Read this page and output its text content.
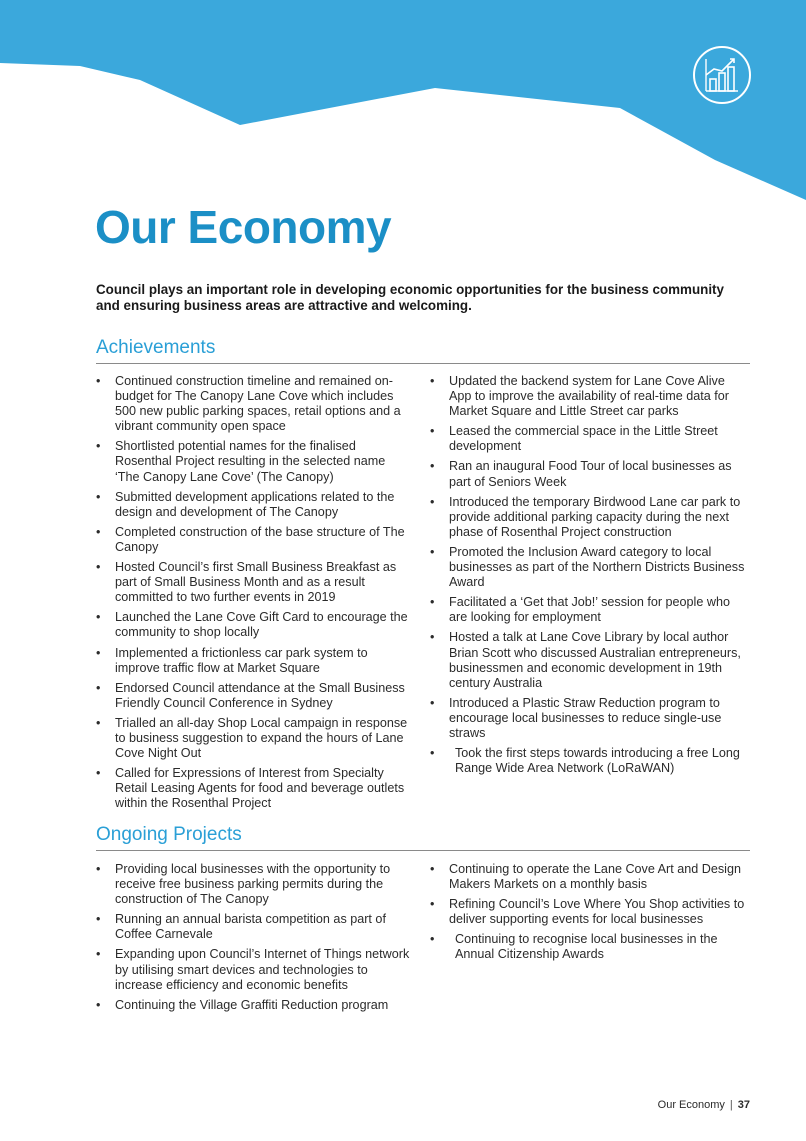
Our Economy

Council plays an important role in developing economic opportunities for the business community and ensuring business areas are attractive and welcoming.

Achievements
• Continued construction timeline and remained on-budget for The Canopy Lane Cove which includes 500 new public parking spaces, retail options and a vibrant community open space
• Shortlisted potential names for the finalised Rosenthal Project resulting in the selected name ‘The Canopy Lane Cove’ (The Canopy)
• Submitted development applications related to the design and development of The Canopy
• Completed construction of the base structure of The Canopy
• Hosted Council’s first Small Business Breakfast as part of Small Business Month and as a result committed to two further events in 2019
• Launched the Lane Cove Gift Card to encourage the community to shop locally
• Implemented a frictionless car park system to improve traffic flow at Market Square
• Endorsed Council attendance at the Small Business Friendly Council Conference in Sydney
• Trialled an all-day Shop Local campaign in response to business suggestion to expand the hours of Lane Cove Night Out
• Called for Expressions of Interest from Specialty Retail Leasing Agents for food and beverage outlets within the Rosenthal Project
• Updated the backend system for Lane Cove Alive App to improve the availability of real-time data for Market Square and Little Street car parks
• Leased the commercial space in the Little Street development
• Ran an inaugural Food Tour of local businesses as part of Seniors Week
• Introduced the temporary Birdwood Lane car park to provide additional parking capacity during the next phase of Rosenthal Project construction
• Promoted the Inclusion Award category to local businesses as part of the Northern Districts Business Award
• Facilitated a ‘Get that Job!’ session for people who are looking for employment
• Hosted a talk at Lane Cove Library by local author Brian Scott who discussed Australian entrepreneurs, businessmen and economic development in 19th century Australia
• Introduced a Plastic Straw Reduction program to encourage local businesses to reduce single-use straws
• Took the first steps towards introducing a free Long Range Wide Area Network (LoRaWAN)
Ongoing Projects
• Providing local businesses with the opportunity to receive free business parking permits during the construction of The Canopy
• Running an annual barista competition as part of Coffee Carnevale
• Expanding upon Council’s Internet of Things network by utilising smart devices and technologies to increase efficiency and economic benefits
• Continuing the Village Graffiti Reduction program
• Continuing to operate the Lane Cove Art and Design Makers Markets on a monthly basis
• Refining Council’s Love Where You Shop activities to deliver supporting events for local businesses
• Continuing to recognise local businesses in the Annual Citizenship Awards
Our Economy | 37
